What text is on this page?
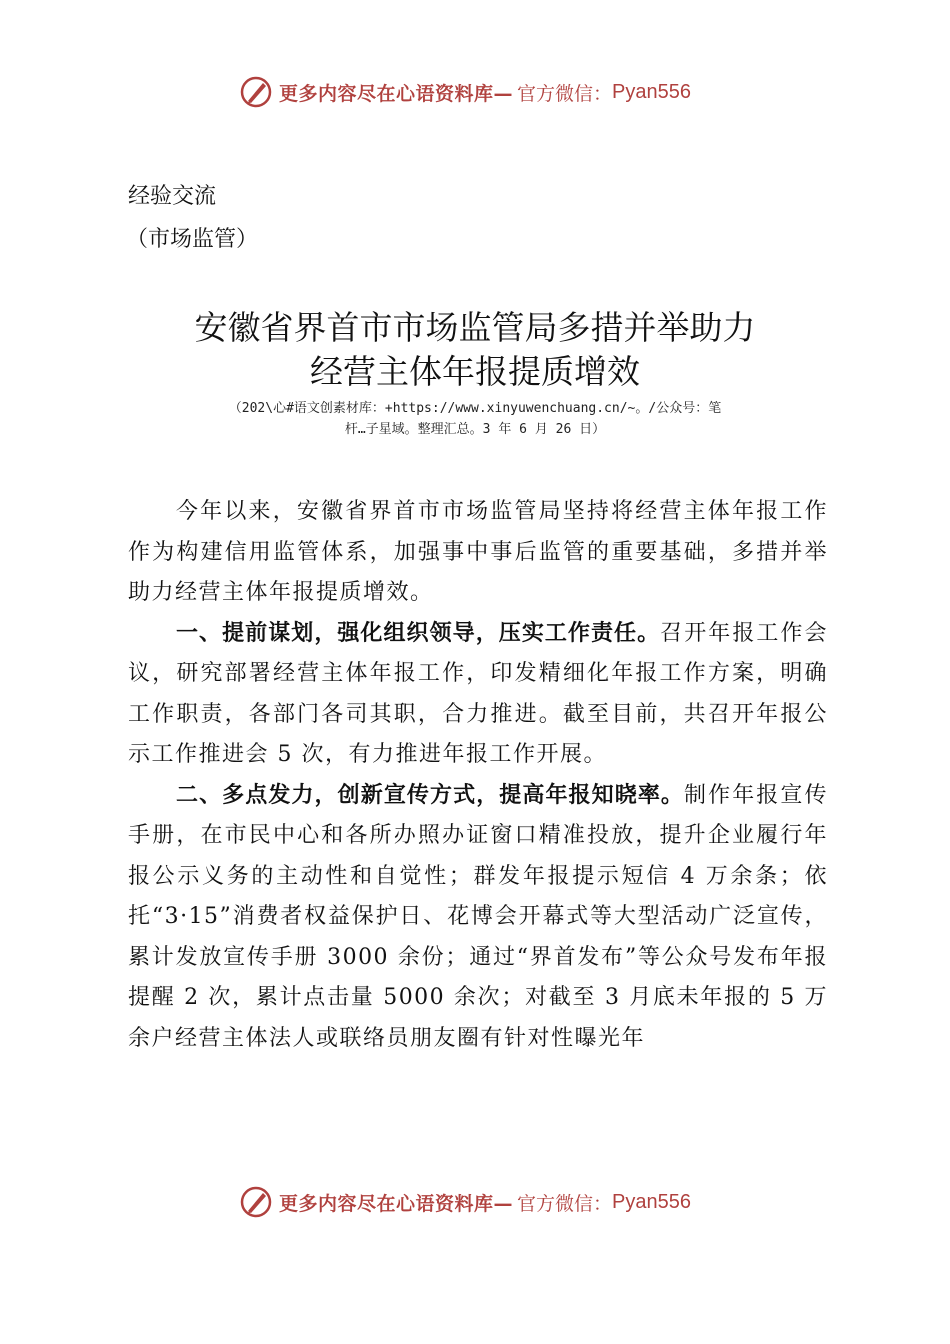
更多内容尽在心语资料库— 官方微信： Pyan556
经验交流
（市场监管）
安徽省界首市市场监管局多措并举助力
经营主体年报提质增效
（202\心#语文创素材库：+https://www.xinyuwenchuang.cn/~。/公众号：笔
杆…子星域。整理汇总。3 年 6 月 26 日）

今年以来，安徽省界首市市场监管局坚持将经营主体年报工作作为构建信用监管体系，加强事中事后监管的重要基础，多措并举助力经营主体年报提质增效。

一、提前谋划，强化组织领导，压实工作责任。召开年报工作会议，研究部署经营主体年报工作，印发精细化年报工作方案，明确工作职责，各部门各司其职，合力推进。截至目前，共召开年报公示工作推进会 5 次，有力推进年报工作开展。

二、多点发力，创新宣传方式，提高年报知晓率。制作年报宣传手册，在市民中心和各所办照办证窗口精准投放，提升企业履行年报公示义务的主动性和自觉性；群发年报提示短信 4 万余条；依托“3·15”消费者权益保护日、花博会开幕式等大型活动广泛宣传，累计发放宣传手册 3000 余份；通过“界首发布”等公众号发布年报提醒 2 次，累计点击量 5000 余次；对截至 3 月底未年报的 5 万余户经营主体法人或联络员朋友圈有针对性曝光年

更多内容尽在心语资料库— 官方微信： Pyan556
